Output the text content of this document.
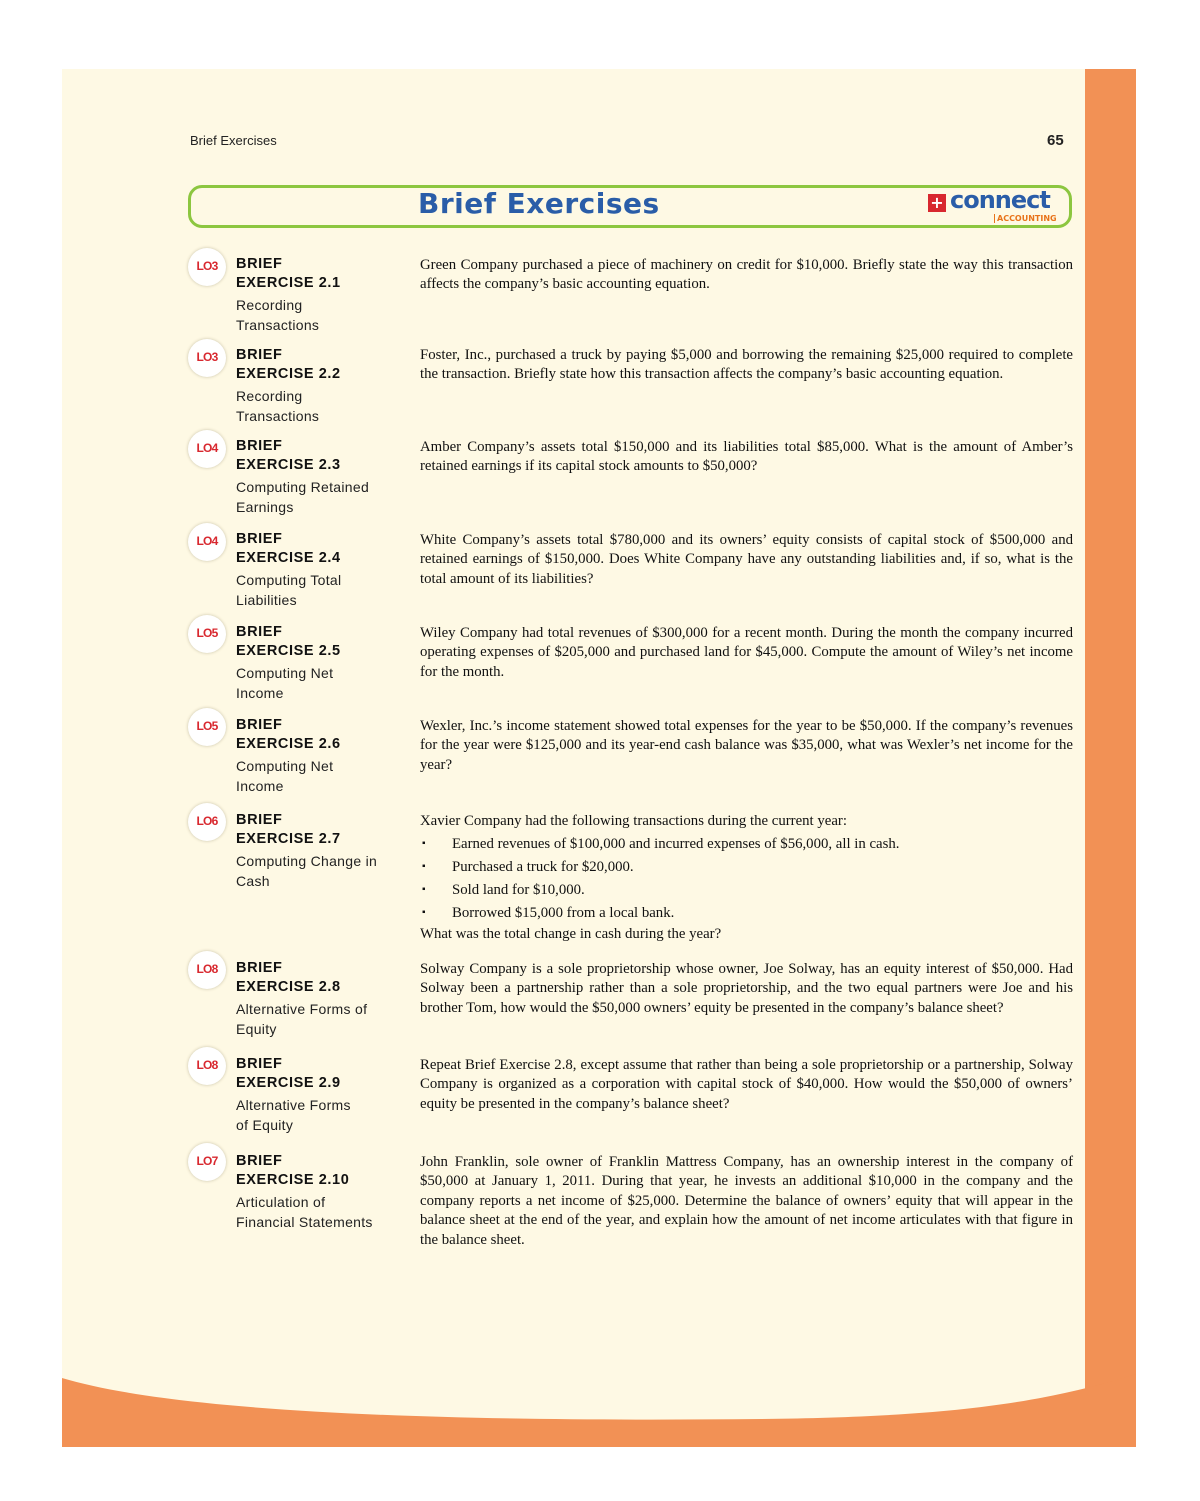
Brief Exercises	65
Brief Exercises	+ connect
ACCOUNTING
LO3	BRIEF
EXERCISE 2.1
Recording
Transactions
Green Company purchased a piece of machinery on credit for $10,000. Briefly state the way this transaction affects the company’s basic accounting equation.
LO3	BRIEF
EXERCISE 2.2
Recording
Transactions
Foster, Inc., purchased a truck by paying $5,000 and borrowing the remaining $25,000 required to complete the transaction. Briefly state how this transaction affects the company’s basic accounting equation.
LO4	BRIEF
EXERCISE 2.3
Computing Retained
Earnings
Amber Company’s assets total $150,000 and its liabilities total $85,000. What is the amount of Amber’s retained earnings if its capital stock amounts to $50,000?
LO4	BRIEF
EXERCISE 2.4
Computing Total
Liabilities
White Company’s assets total $780,000 and its owners’ equity consists of capital stock of $500,000 and retained earnings of $150,000. Does White Company have any outstanding liabilities and, if so, what is the total amount of its liabilities?
LO5	BRIEF
EXERCISE 2.5
Computing Net
Income
Wiley Company had total revenues of $300,000 for a recent month. During the month the company incurred operating expenses of $205,000 and purchased land for $45,000. Compute the amount of Wiley’s net income for the month.
LO5	BRIEF
EXERCISE 2.6
Computing Net
Income
Wexler, Inc.’s income statement showed total expenses for the year to be $50,000. If the company’s revenues for the year were $125,000 and its year-end cash balance was $35,000, what was Wexler’s net income for the year?
LO6	BRIEF
EXERCISE 2.7
Computing Change in
Cash
Xavier Company had the following transactions during the current year:
▪ Earned revenues of $100,000 and incurred expenses of $56,000, all in cash.
▪ Purchased a truck for $20,000.
▪ Sold land for $10,000.
▪ Borrowed $15,000 from a local bank.
What was the total change in cash during the year?
LO8	BRIEF
EXERCISE 2.8
Alternative Forms of
Equity
Solway Company is a sole proprietorship whose owner, Joe Solway, has an equity interest of $50,000. Had Solway been a partnership rather than a sole proprietorship, and the two equal partners were Joe and his brother Tom, how would the $50,000 owners’ equity be presented in the company’s balance sheet?
LO8	BRIEF
EXERCISE 2.9
Alternative Forms
of Equity
Repeat Brief Exercise 2.8, except assume that rather than being a sole proprietorship or a partnership, Solway Company is organized as a corporation with capital stock of $40,000. How would the $50,000 of owners’ equity be presented in the company’s balance sheet?
LO7	BRIEF
EXERCISE 2.10
Articulation of
Financial Statements
John Franklin, sole owner of Franklin Mattress Company, has an ownership interest in the company of $50,000 at January 1, 2011. During that year, he invests an additional $10,000 in the company and the company reports a net income of $25,000. Determine the balance of owners’ equity that will appear in the balance sheet at the end of the year, and explain how the amount of net income articulates with that figure in the balance sheet.
